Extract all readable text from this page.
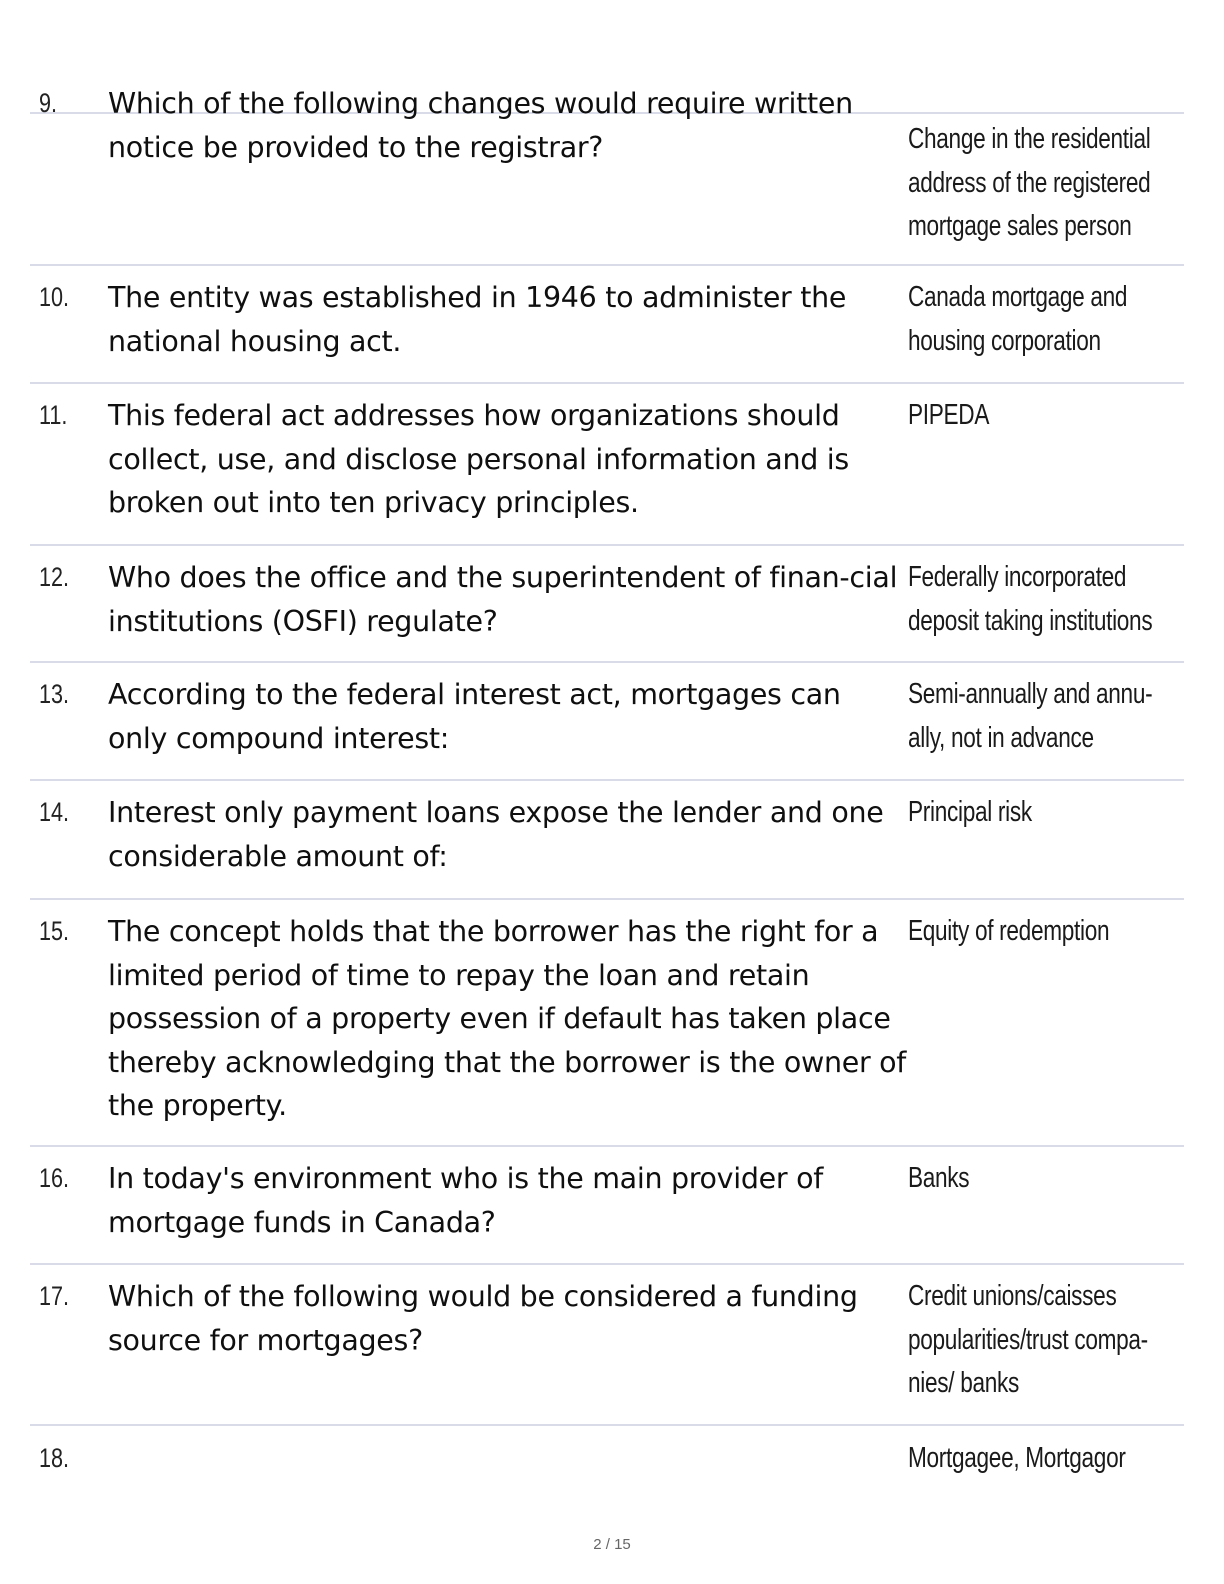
9. Which of the following changes would require written notice be provided to the registrar?	Change in the residential address of the registered mortgage sales person
10. The entity was established in 1946 to administer the national housing act.
Canada mortgage and housing corporation
11. This federal act addresses how organizations should collect, use, and disclose personal information and is broken out into ten privacy principles.
PIPEDA
12. Who does the office and the superintendent of finan-cial institutions (OSFI) regulate?
Federally incorporated deposit taking institutions
13. According to the federal interest act, mortgages can only compound interest:
Semi-annually and annu-ally, not in advance
14. Interest only payment loans expose the lender and one considerable amount of:
Principal risk
15. The concept holds that the borrower has the right for a limited period of time to repay the loan and retain possession of a property even if default has taken place thereby acknowledging that the borrower is the owner of the property.
Equity of redemption
16. In today's environment who is the main provider of mortgage funds in Canada?
Banks
17. Which of the following would be considered a funding source for mortgages?
Credit unions/caisses popularities/trust compa-nies/ banks
18.	Mortgagee, Mortgagor
2 / 15
